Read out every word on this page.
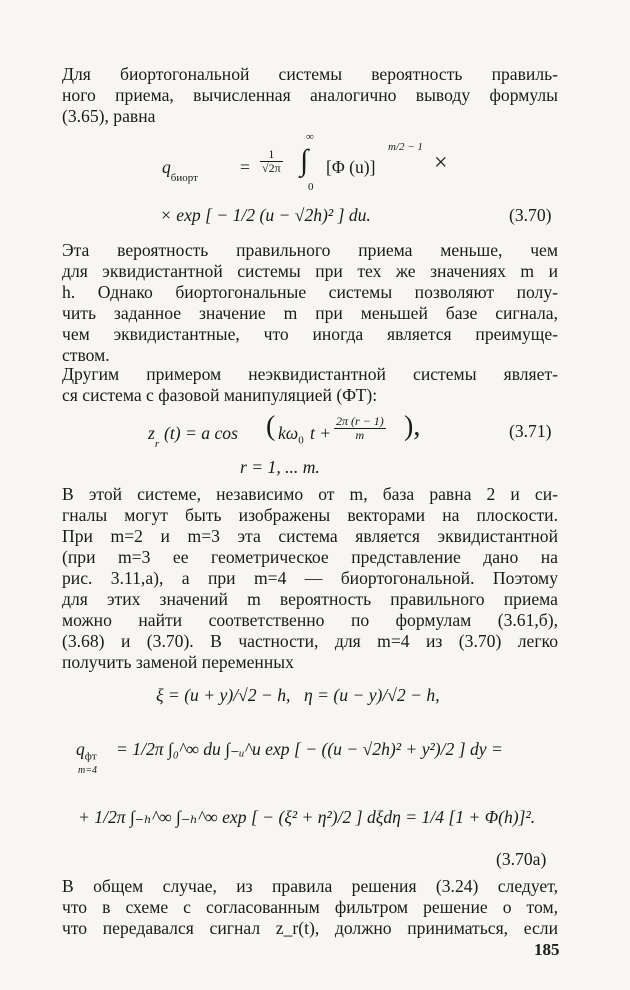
Для биортогональной системы вероятность правиль-
ного приема, вычисленная аналогично выводу формулы
(3.65), равна
$q_{биорт}$
= $\frac{1}{√2\pi}$ ∫
∞
0
[Φ (u)]
m/2 − 1
×
× exp [ − 1/2 (u − √2h)² ] du.	(3.70)
Эта вероятность правильного приема меньше, чем
для эквидистантной системы при тех же значениях m и
h. Однако биортогональные системы позволяют полу-
чить заданное значение m при меньшей базе сигнала,
чем эквидистантные, что иногда является преимуще-
ством.
Другим примером неэквидистантной системы являет-
ся система с фазовой манипуляцией (ФТ):
$z_r$
(t) = a cos ( $k\omega_0$ $t + \frac{2\pi (r - 1)}{m}$ ),	(3.71)
r = 1, ... m.
В этой системе, независимо от m, база равна 2 и си-
гналы могут быть изображены векторами на плоскости.
При m=2 и m=3 эта система является эквидистантной
(при m=3 ее геометрическое представление дано на
рис. 3.11,а), а при m=4 — биортогональной. Поэтому
для этих значений m вероятность правильного приема
можно найти соответственно по формулам (3.61,б),
(3.68) и (3.70). В частности, для m=4 из (3.70) легко
получить заменой переменных
ξ = (u + y)/√2 − h, η = (u − y)/√2 − h,
$q_{фт}$
m=4
= 1/2π ∫₀^∞ du ∫₋ᵤ^u exp [ − ((u − √2h)² + y²)/2 ] dy =
+ 1/2π ∫₋ₕ^∞ ∫₋ₕ^∞ exp [ − (ξ² + η²)/2 ] dξdη = 1/4 [1 + Φ(h)]².
(3.70a)
В общем случае, из правила решения (3.24) следует,
что в схеме с согласованным фильтром решение о том,
что передавался сигнал z_r(t), должно приниматься, если
185
